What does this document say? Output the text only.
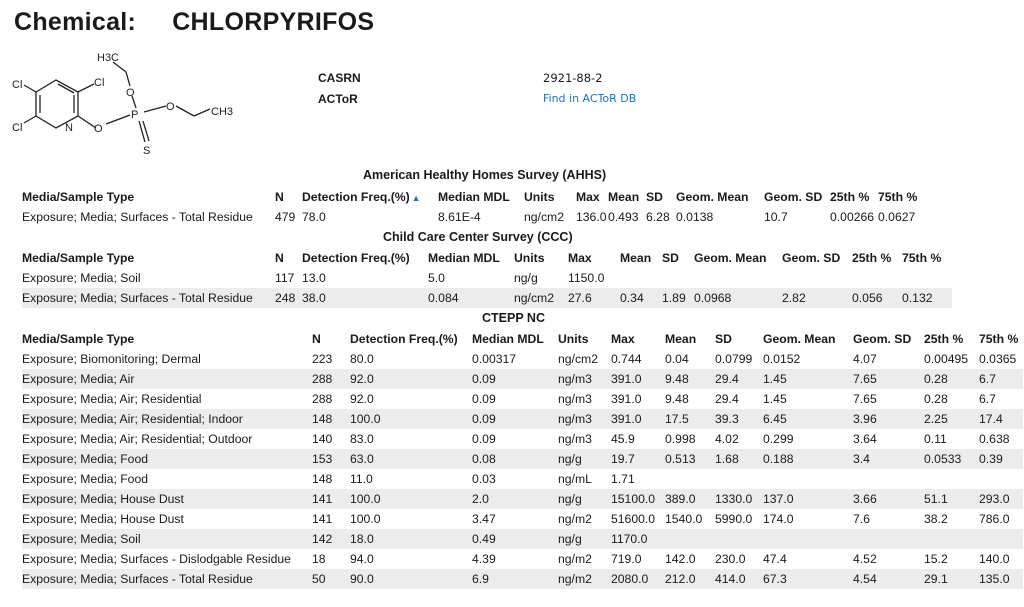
Chemical: CHLORPYRIFOS
Cl	Cl
Cl	N O
P
O
H3C
O	CH3
S
CASRN	2921-88-2
ACToR	Find in ACToR DB
American Healthy Homes Survey (AHHS)
Media/Sample Type	N	Detection Freq.(%) ▲	Median MDL	Units	Max	Mean	SD	Geom. Mean	Geom. SD	25th %	75th %
Exposure; Media; Surfaces - Total Residue	479	78.0	8.61E-4	ng/cm2	136.0	0.493	6.28	0.0138	10.7	0.00266	0.0627
Child Care Center Survey (CCC)
Media/Sample Type	N	Detection Freq.(%)	Median MDL	Units	Max	Mean	SD	Geom. Mean	Geom. SD	25th %	75th %
Exposure; Media; Soil	117	13.0	5.0	ng/g	1150.0						
Exposure; Media; Surfaces - Total Residue	248	38.0	0.084	ng/cm2	27.6	0.34	1.89	0.0968	2.82	0.056	0.132
CTEPP NC
Media/Sample Type	N	Detection Freq.(%)	Median MDL	Units	Max	Mean	SD	Geom. Mean	Geom. SD	25th %	75th %
Exposure; Biomonitoring; Dermal	223	80.0	0.00317	ng/cm2	0.744	0.04	0.0799	0.0152	4.07	0.00495	0.0365
Exposure; Media; Air	288	92.0	0.09	ng/m3	391.0	9.48	29.4	1.45	7.65	0.28	6.7
Exposure; Media; Air; Residential	288	92.0	0.09	ng/m3	391.0	9.48	29.4	1.45	7.65	0.28	6.7
Exposure; Media; Air; Residential; Indoor	148	100.0	0.09	ng/m3	391.0	17.5	39.3	6.45	3.96	2.25	17.4
Exposure; Media; Air; Residential; Outdoor	140	83.0	0.09	ng/m3	45.9	0.998	4.02	0.299	3.64	0.11	0.638
Exposure; Media; Food	153	63.0	0.08	ng/g	19.7	0.513	1.68	0.188	3.4	0.0533	0.39
Exposure; Media; Food	148	11.0	0.03	ng/mL	1.71						
Exposure; Media; House Dust	141	100.0	2.0	ng/g	15100.0	389.0	1330.0	137.0	3.66	51.1	293.0
Exposure; Media; House Dust	141	100.0	3.47	ng/m2	51600.0	1540.0	5990.0	174.0	7.6	38.2	786.0
Exposure; Media; Soil	142	18.0	0.49	ng/g	1170.0						
Exposure; Media; Surfaces - Dislodgable Residue	18	94.0	4.39	ng/m2	719.0	142.0	230.0	47.4	4.52	15.2	140.0
Exposure; Media; Surfaces - Total Residue	50	90.0	6.9	ng/m2	2080.0	212.0	414.0	67.3	4.54	29.1	135.0
